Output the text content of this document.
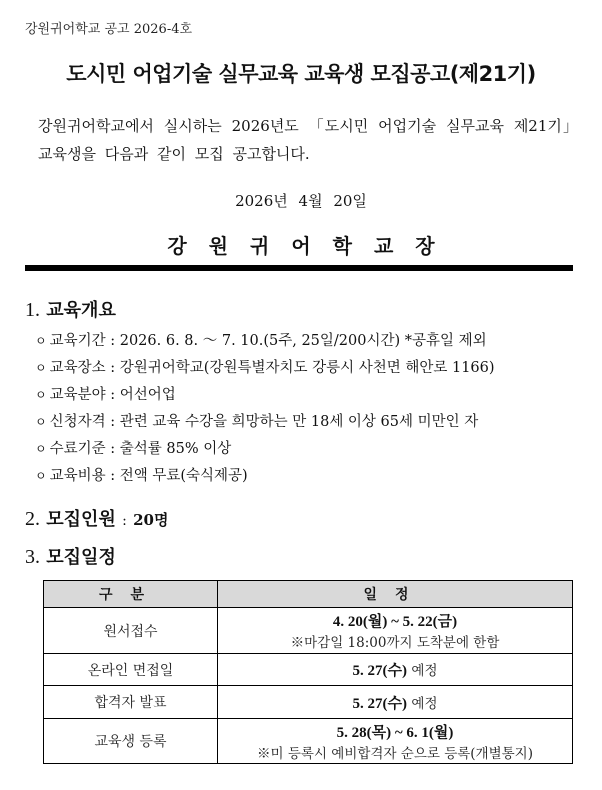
강원귀어학교 공고 2026-4호
도시민 어업기술 실무교육 교육생 모집공고(제21기)
강원귀어학교에서 실시하는 2026년도 「도시민 어업기술 실무교육 제21기」 교육생을 다음과 같이 모집 공고합니다.
2026년 4월 20일
강원귀어학교장
1. 교육개요
ㅇ 교육기간 : 2026. 6. 8. ～ 7. 10.(5주, 25일/200시간) *공휴일 제외
ㅇ 교육장소 : 강원귀어학교(강원특별자치도 강릉시 사천면 해안로 1166)
ㅇ 교육분야 : 어선어업
ㅇ 신청자격 : 관련 교육 수강을 희망하는 만 18세 이상 65세 미만인 자
ㅇ 수료기준 : 출석률 85% 이상
ㅇ 교육비용 : 전액 무료(숙식제공)
2. 모집인원 : 20명
3. 모집일정
구분	일정
원서접수	4. 20(월) ~ 5. 22(금)
※마감일 18:00까지 도착분에 한함

온라인 면접일	5. 27(수) 예정
합격자 발표	5. 27(수) 예정
교육생 등록	5. 28(목) ~ 6. 1(월)
※미 등록시 예비합격자 순으로 등록(개별통지)
